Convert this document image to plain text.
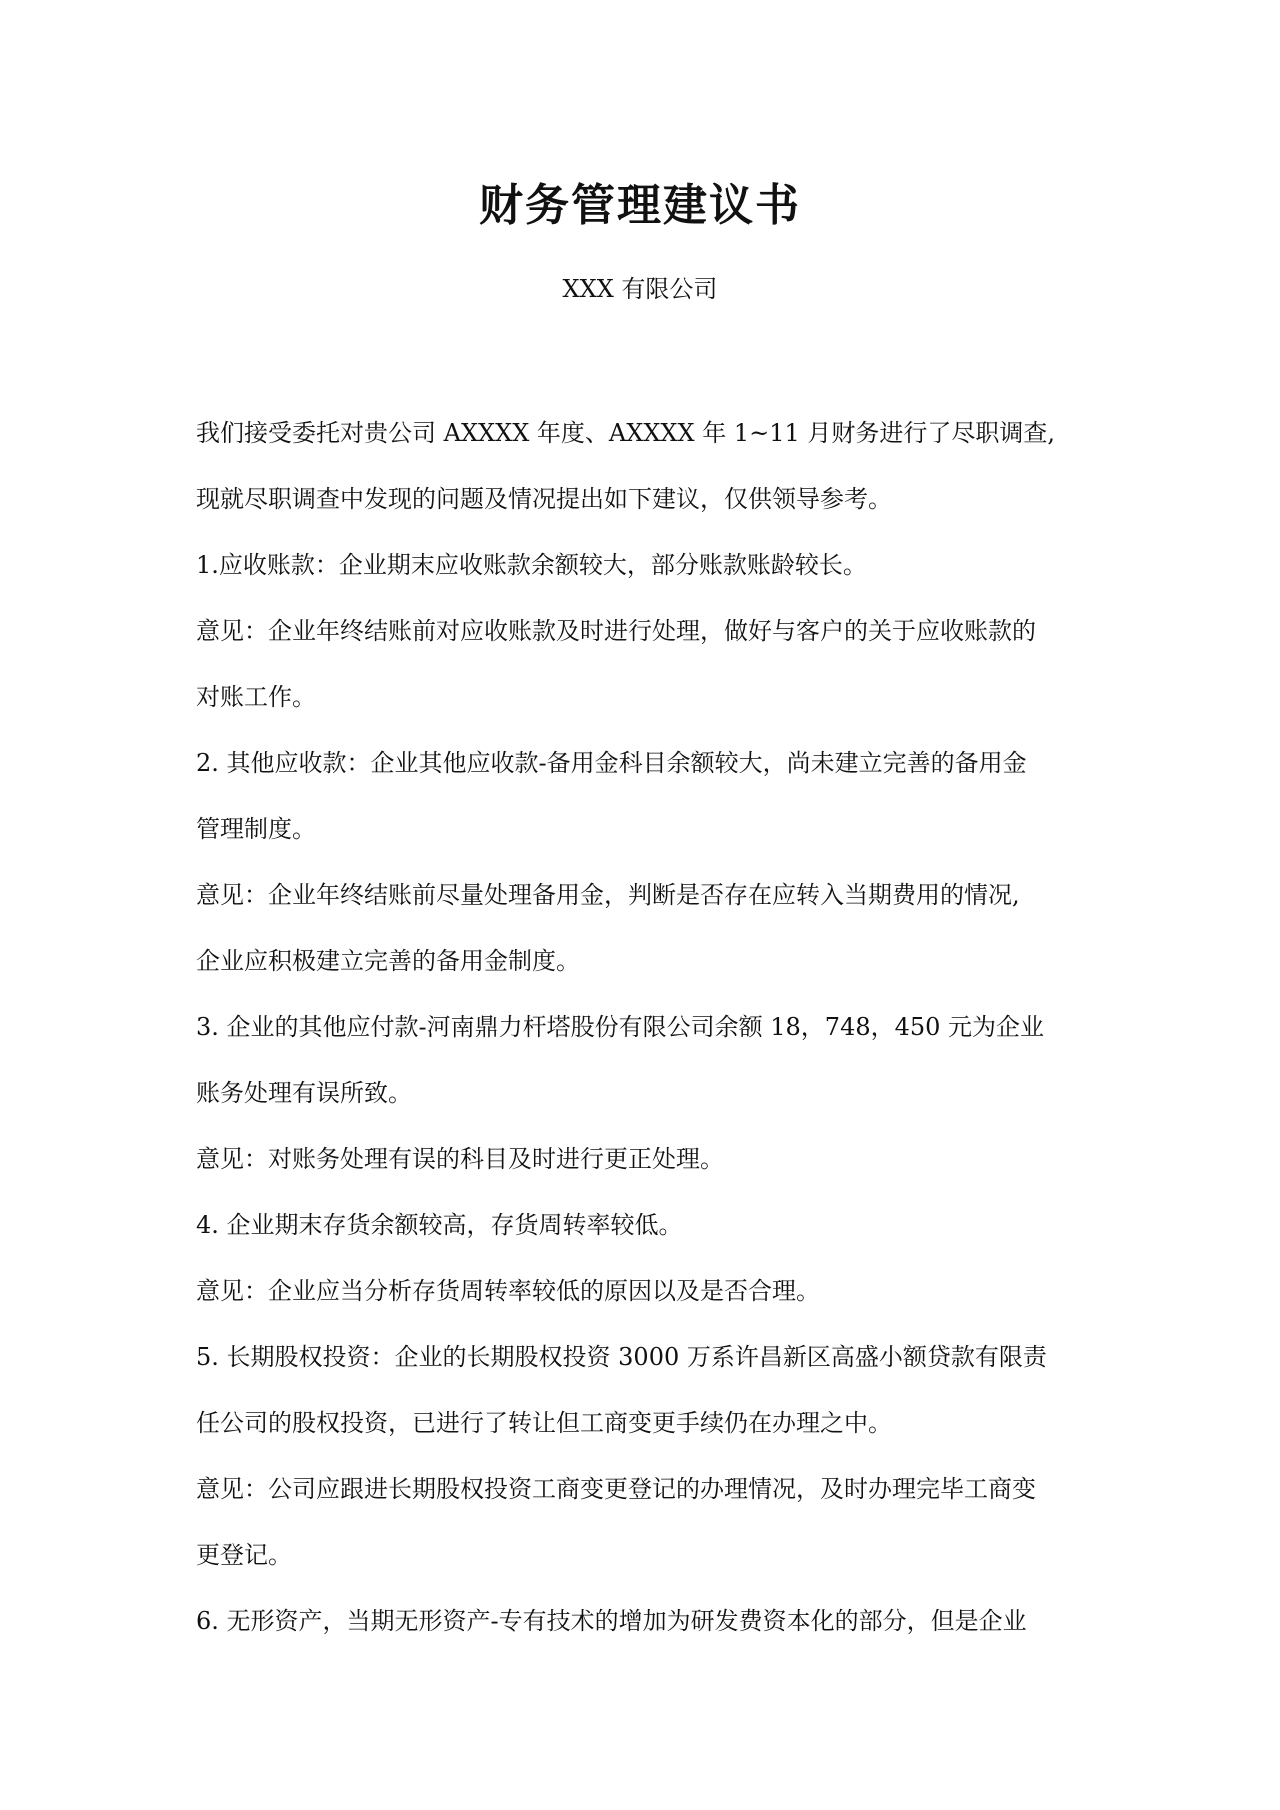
财务管理建议书
XXX 有限公司
我们接受委托对贵公司 AXXXX 年度、AXXXX 年 1~11 月财务进行了尽职调查,
现就尽职调查中发现的问题及情况提出如下建议，仅供领导参考。
1.应收账款：企业期末应收账款余额较大，部分账款账龄较长。
意见：企业年终结账前对应收账款及时进行处理，做好与客户的关于应收账款的
对账工作。
2. 其他应收款：企业其他应收款-备用金科目余额较大，尚未建立完善的备用金
管理制度。
意见：企业年终结账前尽量处理备用金，判断是否存在应转入当期费用的情况,
企业应积极建立完善的备用金制度。
3. 企业的其他应付款-河南鼎力杆塔股份有限公司余额 18，748，450 元为企业
账务处理有误所致。
意见：对账务处理有误的科目及时进行更正处理。
4. 企业期末存货余额较高，存货周转率较低。
意见：企业应当分析存货周转率较低的原因以及是否合理。
5. 长期股权投资：企业的长期股权投资 3000 万系许昌新区高盛小额贷款有限责
任公司的股权投资，已进行了转让但工商变更手续仍在办理之中。
意见：公司应跟进长期股权投资工商变更登记的办理情况，及时办理完毕工商变
更登记。
6. 无形资产，当期无形资产-专有技术的增加为研发费资本化的部分，但是企业
